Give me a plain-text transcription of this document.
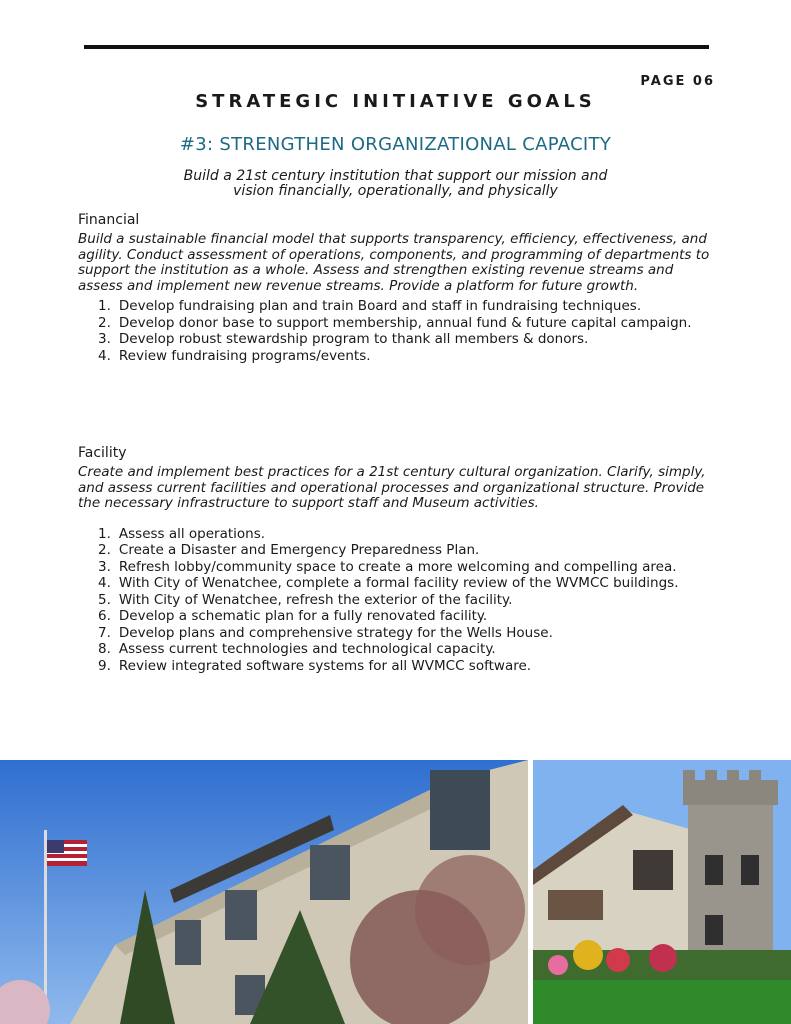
PAGE 06
STRATEGIC INITIATIVE GOALS
#3: STRENGTHEN ORGANIZATIONAL CAPACITY
Build a 21st century institution that support our mission and
vision financially, operationally, and physically
Financial
Build a sustainable financial model that supports transparency, efficiency, effectiveness, and agility. Conduct assessment of operations, components, and programming of departments to support the institution as a whole. Assess and strengthen existing revenue streams and assess and implement new revenue streams. Provide a platform for future growth.
1. Develop fundraising plan and train Board and staff in fundraising techniques.
2. Develop donor base to support membership, annual fund & future capital campaign.
3. Develop robust stewardship program to thank all members & donors.
4. Review fundraising programs/events.
Facility
Create and implement best practices for a 21st century cultural organization. Clarify, simply, and assess current facilities and operational processes and organizational structure. Provide the necessary infrastructure to support staff and Museum activities.
1. Assess all operations.
2. Create a Disaster and Emergency Preparedness Plan.
3. Refresh lobby/community space to create a more welcoming and compelling area.
4. With City of Wenatchee, complete a formal facility review of the WVMCC buildings.
5. With City of Wenatchee, refresh the exterior of the facility.
6. Develop a schematic plan for a fully renovated facility.
7. Develop plans and comprehensive strategy for the Wells House.
8. Assess current technologies and technological capacity.
9. Review integrated software systems for all WVMCC software.
